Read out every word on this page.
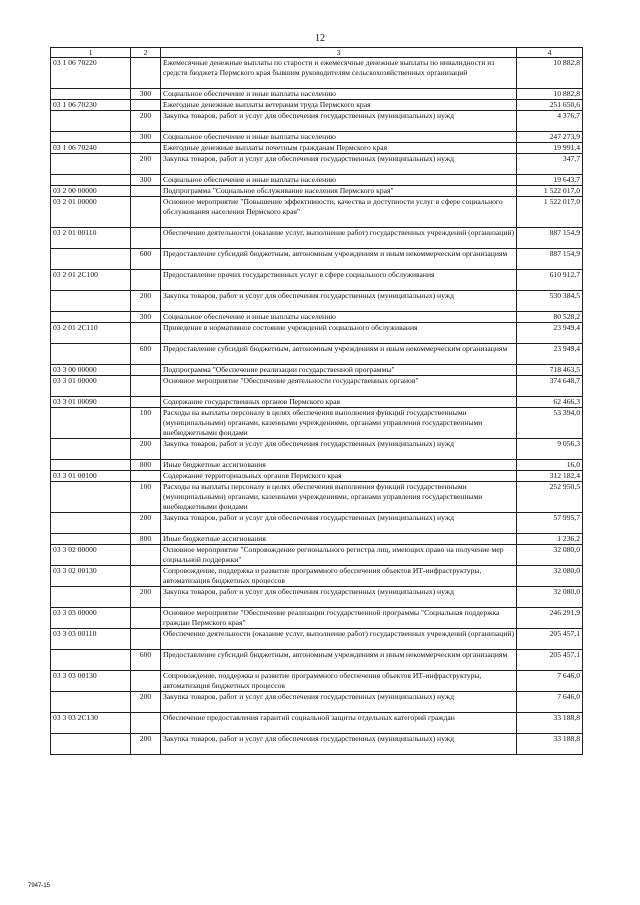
12
1	2	3	4
03 1 06 70220		Ежемесячные денежные выплаты по старости и ежемесячные денежные выплаты по инвалидности из средств бюджета Пермского края бывшим руководителям сельскохозяйственных организаций	10 882,8
	300	Социальное обеспечение и иные выплаты населению	10 882,8
03 1 06 70230		Ежегодные денежные выплаты ветеранам труда Пермского края	251 650,6
	200	Закупка товаров, работ и услуг для обеспечения государственных (муниципальных) нужд	4 376,7
	300	Социальное обеспечение и иные выплаты населению	247 273,9
03 1 06 70240		Ежегодные денежные выплаты почетным гражданам Пермского края	19 991,4
	200	Закупка товаров, работ и услуг для обеспечения государственных (муниципальных) нужд	347,7
	300	Социальное обеспечение и иные выплаты населению	19 643,7
03 2 00 00000		Подпрограмма "Социальное обслуживание населения Пермского края"	1 522 017,0
03 2 01 00000		Основное мероприятие "Повышение эффективности, качества и доступности услуг в сфере социального обслуживания населения Пермского края"	1 522 017,0
03 2 01 00110		Обеспечение деятельности (оказание услуг, выполнение работ) государственных учреждений (организаций)	887 154,9
	600	Предоставление субсидий бюджетным, автономным учреждениям и иным некоммерческим организациям	887 154,9
03 2 01 2С100		Предоставление прочих государственных услуг в сфере социального обслуживания	610 912,7
	200	Закупка товаров, работ и услуг для обеспечения государственных (муниципальных) нужд	530 384,5
	300	Социальное обеспечение и иные выплаты населению	80 528,2
03 2 01 2С110		Приведение в нормативное состояние учреждений социального обслуживания	23 949,4
	600	Предоставление субсидий бюджетным, автономным учреждениям и иным некоммерческим организациям	23 949,4
03 3 00 00000		Подпрограмма "Обеспечение реализации государственной программы"	718 463,5
03 3 01 00000		Основное мероприятие "Обеспечение деятельности государственных органов"	374 648,7
03 3 01 00090		Содержание государственных органов Пермского края	62 466,3
	100	Расходы на выплаты персоналу в целях обеспечения выполнения функций государственными (муниципальными) органами, казенными учреждениями, органами управления государственными внебюджетными фондами	53 394,0
	200	Закупка товаров, работ и услуг для обеспечения государственных (муниципальных) нужд	9 056,3
	800	Иные бюджетные ассигнования	16,0
03 3 01 00100		Содержание территориальных органов Пермского края	312 182,4
	100	Расходы на выплаты персоналу в целях обеспечения выполнения функций государственными (муниципальными) органами, казенными учреждениями, органами управления государственными внебюджетными фондами	252 950,5
	200	Закупка товаров, работ и услуг для обеспечения государственных (муниципальных) нужд	57 995,7
	800	Иные бюджетные ассигнования	1 236,2
03 3 02 00000		Основное мероприятие "Сопровождение регионального регистра лиц, имеющих право на получение мер социальной поддержки"	32 080,0
03 3 02 00130		Сопровождение, поддержка и развитие программного обеспечения объектов ИТ-инфраструктуры, автоматизация бюджетных процессов	32 080,0
	200	Закупка товаров, работ и услуг для обеспечения государственных (муниципальных) нужд	32 080,0
03 3 03 00000		Основное мероприятие "Обеспечение реализации государственной программы "Социальная поддержка граждан Пермского края"	246 291,9
03 3 03 00110		Обеспечение деятельности (оказание услуг, выполнение работ) государственных учреждений (организаций)	205 457,1
	600	Предоставление субсидий бюджетным, автономным учреждениям и иным некоммерческим организациям	205 457,1
03 3 03 00130		Сопровождение, поддержка и развитие программного обеспечения объектов ИТ-инфраструктуры, автоматизация бюджетных процессов	7 646,0
	200	Закупка товаров, работ и услуг для обеспечения государственных (муниципальных) нужд	7 646,0
03 3 03 2С130		Обеспечение предоставления гарантий социальной защиты отдельных категорий граждан	33 188,8
	200	Закупка товаров, работ и услуг для обеспечения государственных (муниципальных) нужд	33 188,8
7947-15
